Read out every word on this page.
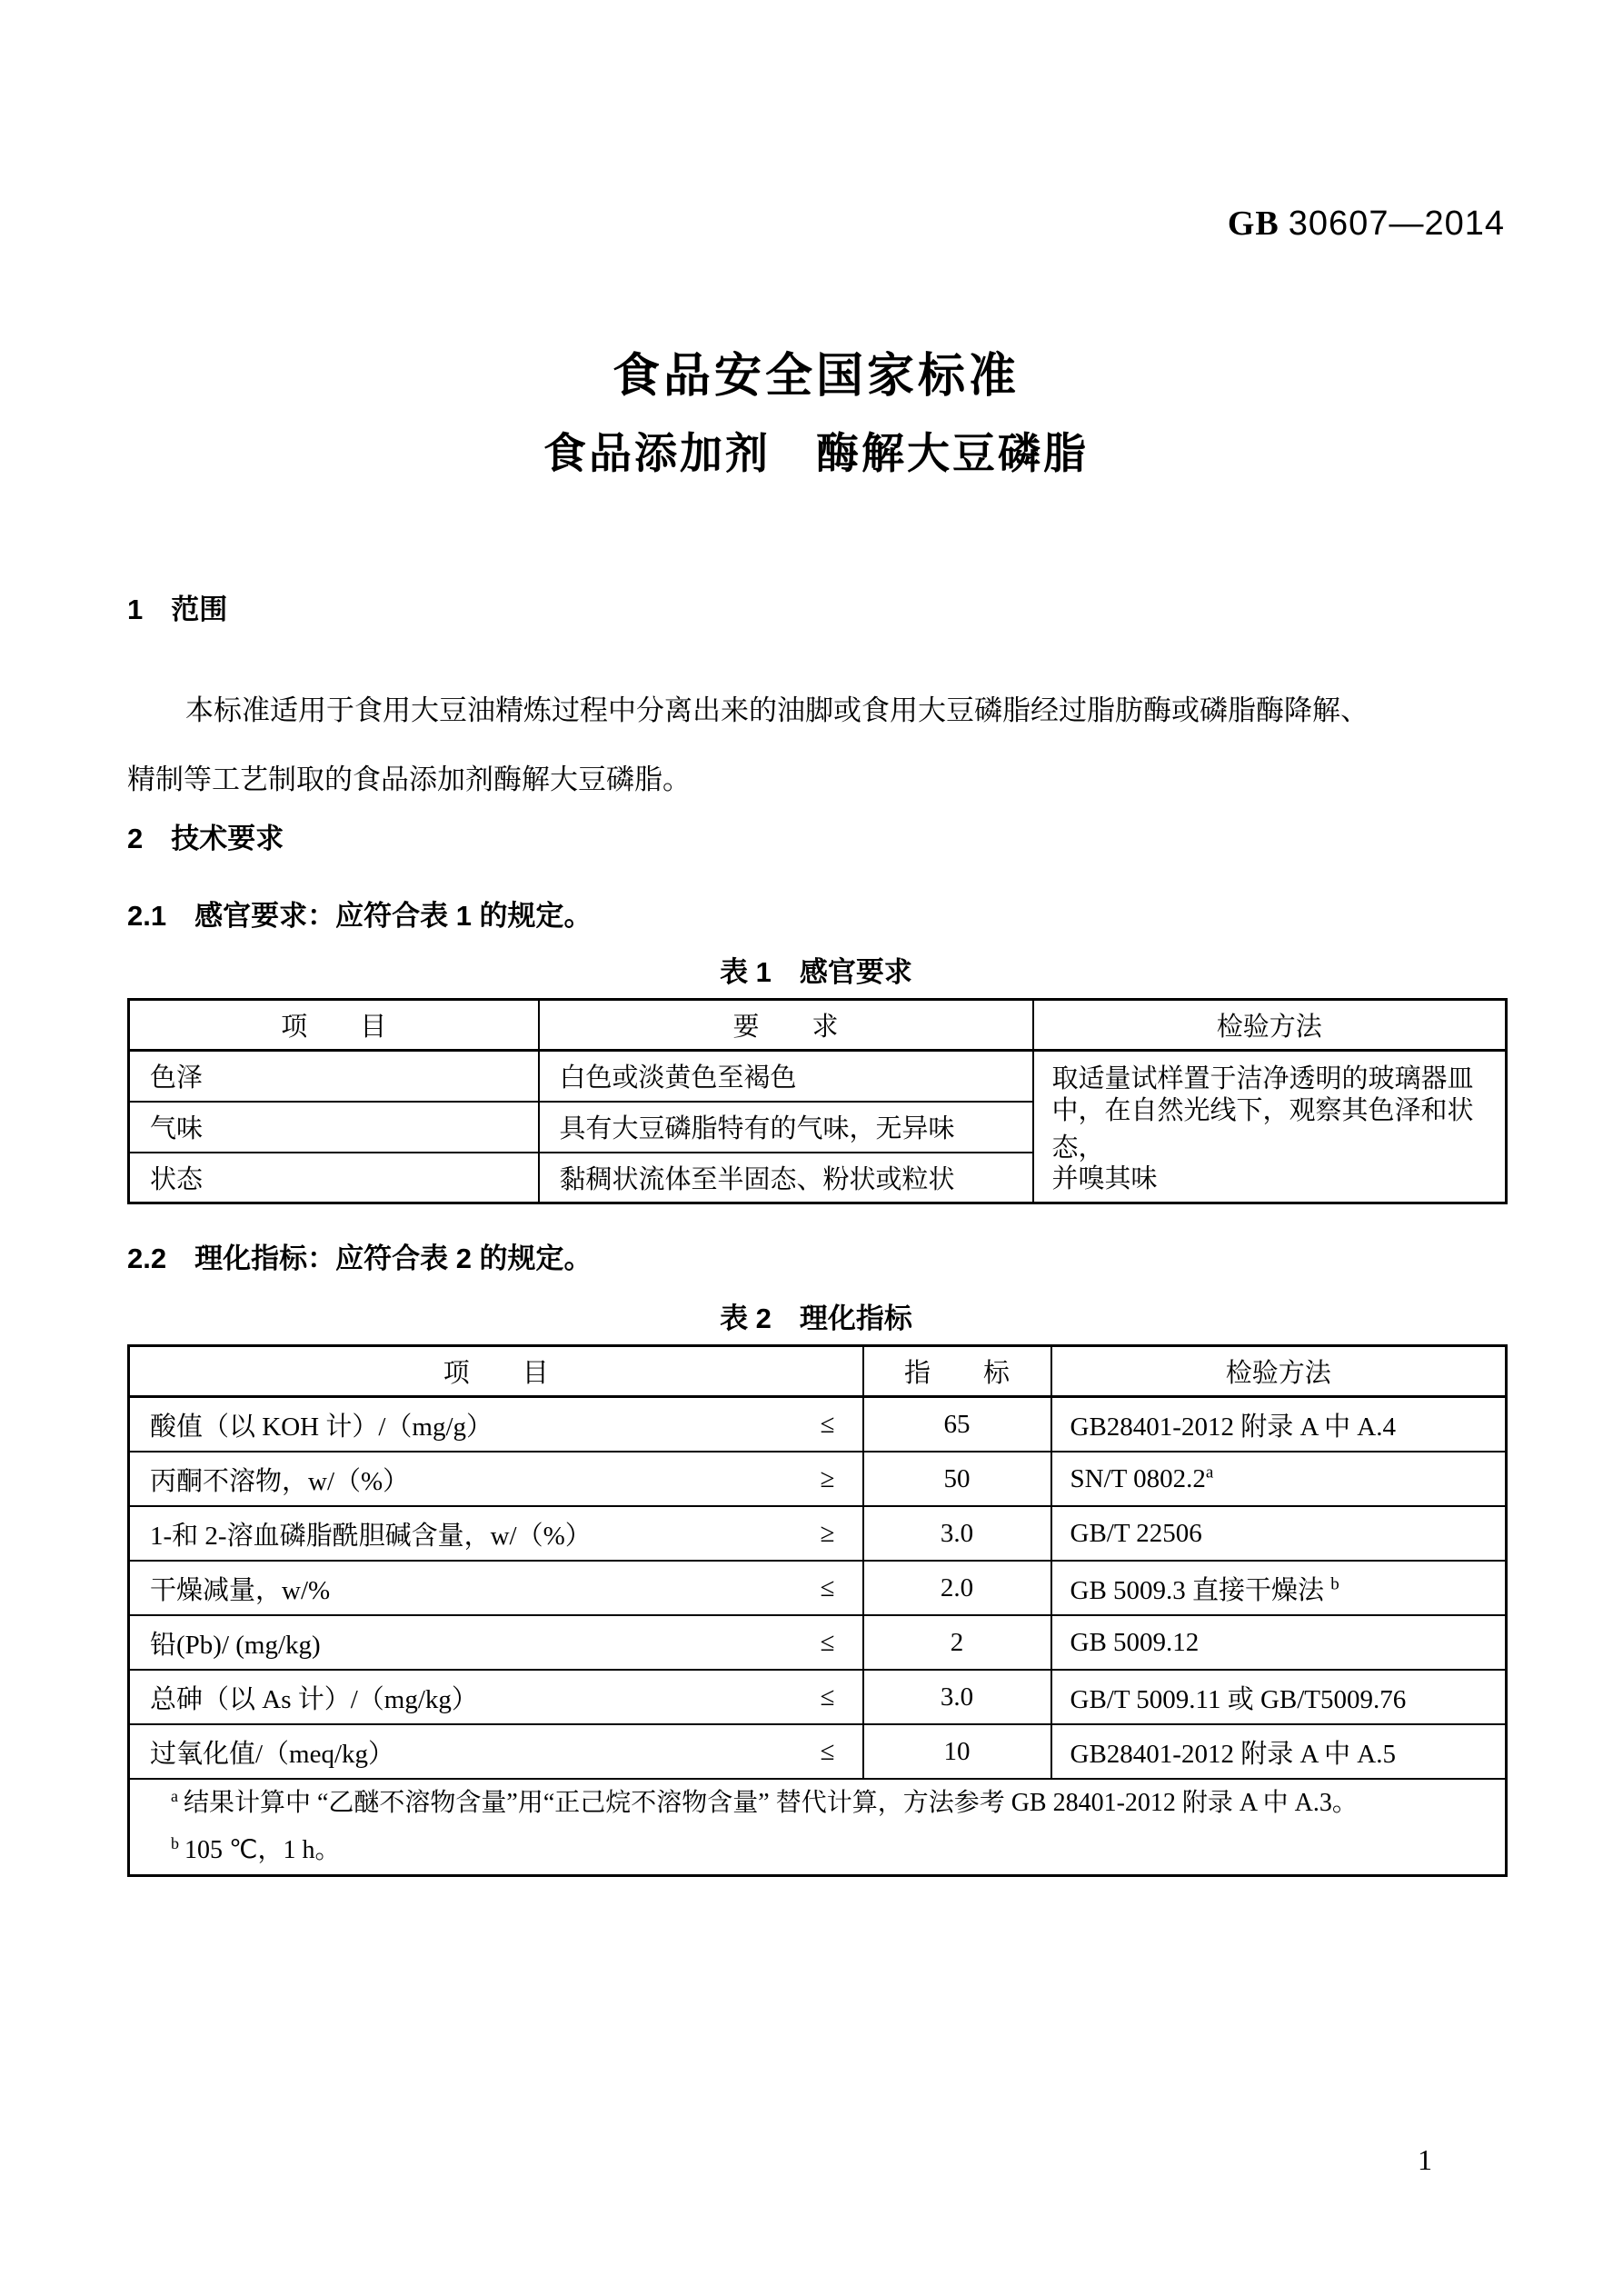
GB 30607—2014
食品安全国家标准
食品添加剂　酶解大豆磷脂
1　范围
本标准适用于食用大豆油精炼过程中分离出来的油脚或食用大豆磷脂经过脂肪酶或磷脂酶降解、
精制等工艺制取的食品添加剂酶解大豆磷脂。
2　技术要求
2.1　感官要求：应符合表 1 的规定。
表 1　感官要求
项　　目	要　　求	检验方法
色泽	白色或淡黄色至褐色	取适量试样置于洁净透明的玻璃器皿
中，在自然光线下，观察其色泽和状态，
并嗅其味

气味	具有大豆磷脂特有的气味，无异味	
状态	黏稠状流体至半固态、粉状或粒状	
2.2　理化指标：应符合表 2 的规定。
表 2　理化指标
项　　目	指　　标	检验方法

酸值（以 KOH 计）/（mg/g） ≤	65	GB28401-2012 附录 A 中 A.4

丙酮不溶物，w/（%） ≥	50	SN/T 0802.2$^a$

1-和 2-溶血磷脂酰胆碱含量，w/（%） ≥	3.0	GB/T 22506

干燥减量，w/% ≤	2.0	GB 5009.3 直接干燥法 $^b$

铅(Pb)/ (mg/kg) ≤	2	GB 5009.12

总砷（以 As 计）/（mg/kg） ≤	3.0	GB/T 5009.11 或 GB/T5009.76

过氧化值/（meq/kg） ≤	10	GB28401-2012 附录 A 中 A.5

$^a$ 结果计算中 “乙醚不溶物含量”用“正己烷不溶物含量” 替代计算，方法参考 GB 28401-2012 附录 A 中 A.3。
$^b$ 105 ℃，1 h。		
1
